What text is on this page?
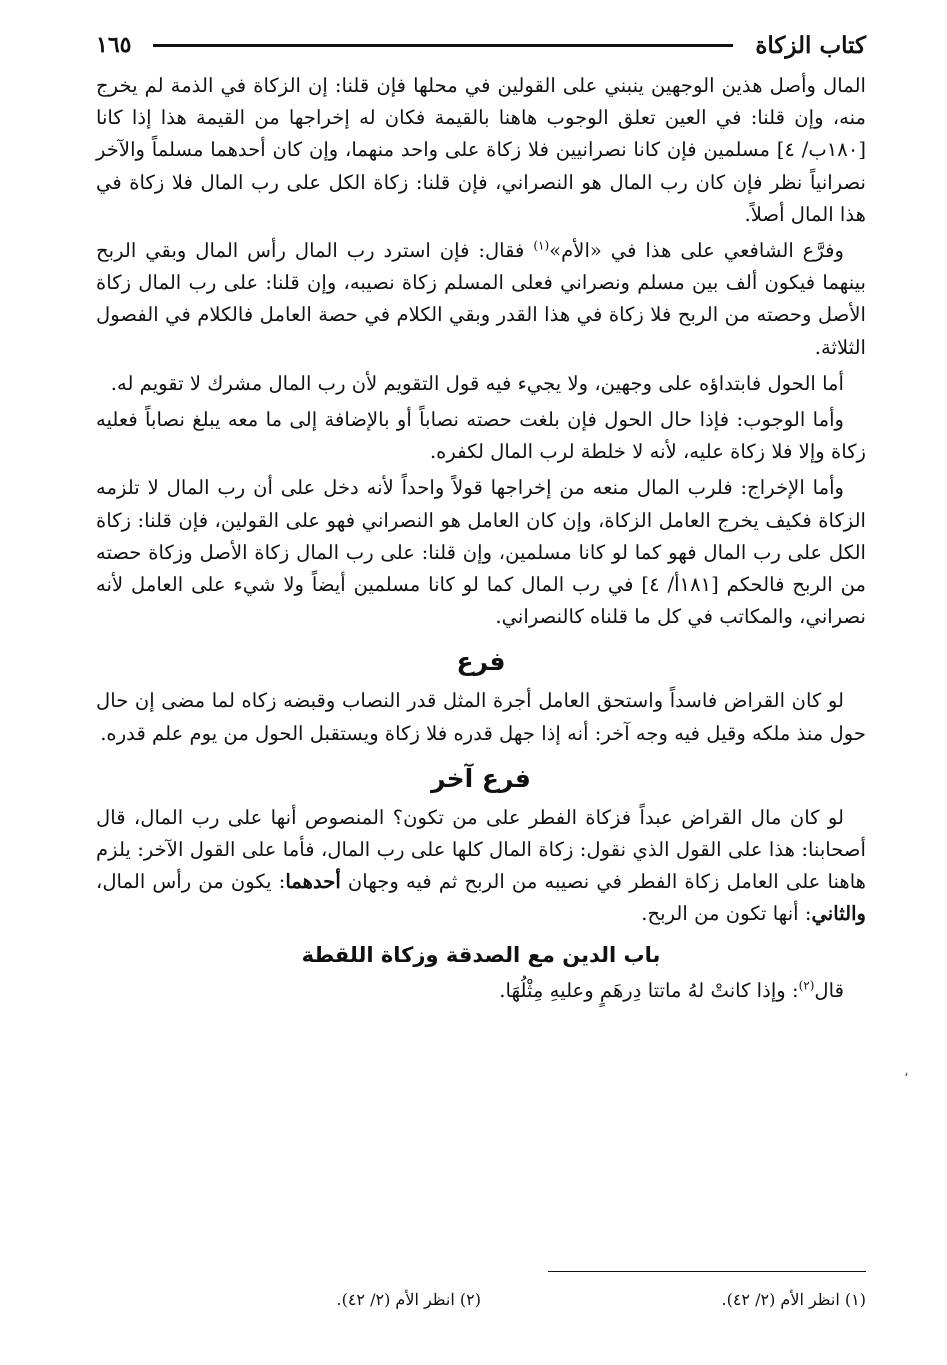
كتاب الزكاة
١٦٥

المال وأصل هذين الوجهين ينبني على القولين في محلها فإن قلنا: إن الزكاة في الذمة لم يخرج منه، وإن قلنا: في العين تعلق الوجوب هاهنا بالقيمة فكان له إخراجها من القيمة هذا إذا كانا [١٨٠ب/ ٤] مسلمين فإن كانا نصرانيين فلا زكاة على واحد منهما، وإن كان أحدهما مسلماً والآخر نصرانياً نظر فإن كان رب المال هو النصراني، فإن قلنا: زكاة الكل على رب المال فلا زكاة في هذا المال أصلاً.

وفرَّع الشافعي على هذا في «الأم»$^{(١)}$ فقال: فإن استرد رب المال رأس المال وبقي الربح بينهما فيكون ألف بين مسلم ونصراني فعلى المسلم زكاة نصيبه، وإن قلنا: على رب المال زكاة الأصل وحصته من الربح فلا زكاة في هذا القدر وبقي الكلام في حصة العامل فالكلام في الفصول الثلاثة.

أما الحول فابتداؤه على وجهين، ولا يجيء فيه قول التقويم لأن رب المال مشرك لا تقويم له.

وأما الوجوب: فإذا حال الحول فإن بلغت حصته نصاباً أو بالإضافة إلى ما معه يبلغ نصاباً فعليه زكاة وإلا فلا زكاة عليه، لأنه لا خلطة لرب المال لكفره.

وأما الإخراج: فلرب المال منعه من إخراجها قولاً واحداً لأنه دخل على أن رب المال لا تلزمه الزكاة فكيف يخرج العامل الزكاة، وإن كان العامل هو النصراني فهو على القولين، فإن قلنا: زكاة الكل على رب المال فهو كما لو كانا مسلمين، وإن قلنا: على رب المال زكاة الأصل وزكاة حصته من الربح فالحكم [١٨١أ/ ٤] في رب المال كما لو كانا مسلمين أيضاً ولا شيء على العامل لأنه نصراني، والمكاتب في كل ما قلناه كالنصراني.

فرع

لو كان القراض فاسداً واستحق العامل أجرة المثل قدر النصاب وقبضه زكاه لما مضى إن حال حول منذ ملكه وقيل فيه وجه آخر: أنه إذا جهل قدره فلا زكاة ويستقبل الحول من يوم علم قدره.

فرع آخر

لو كان مال القراض عبداً فزكاة الفطر على من تكون؟ المنصوص أنها على رب المال، قال أصحابنا: هذا على القول الذي نقول: زكاة المال كلها على رب المال، فأما على القول الآخر: يلزم هاهنا على العامل زكاة الفطر في نصيبه من الربح ثم فيه وجهان أحدهما: يكون من رأس المال، والثاني: أنها تكون من الربح.

باب الدين مع الصدقة وزكاة اللقطة

قال$^{(٢)}$: وإذا كانتْ لهُ ماتتا دِرهَمٍ وعليهِ مِثْلُهَا.

،
(١) انظر الأم (٢/ ٤٢).
(٢) انظر الأم (٢/ ٤٢).
